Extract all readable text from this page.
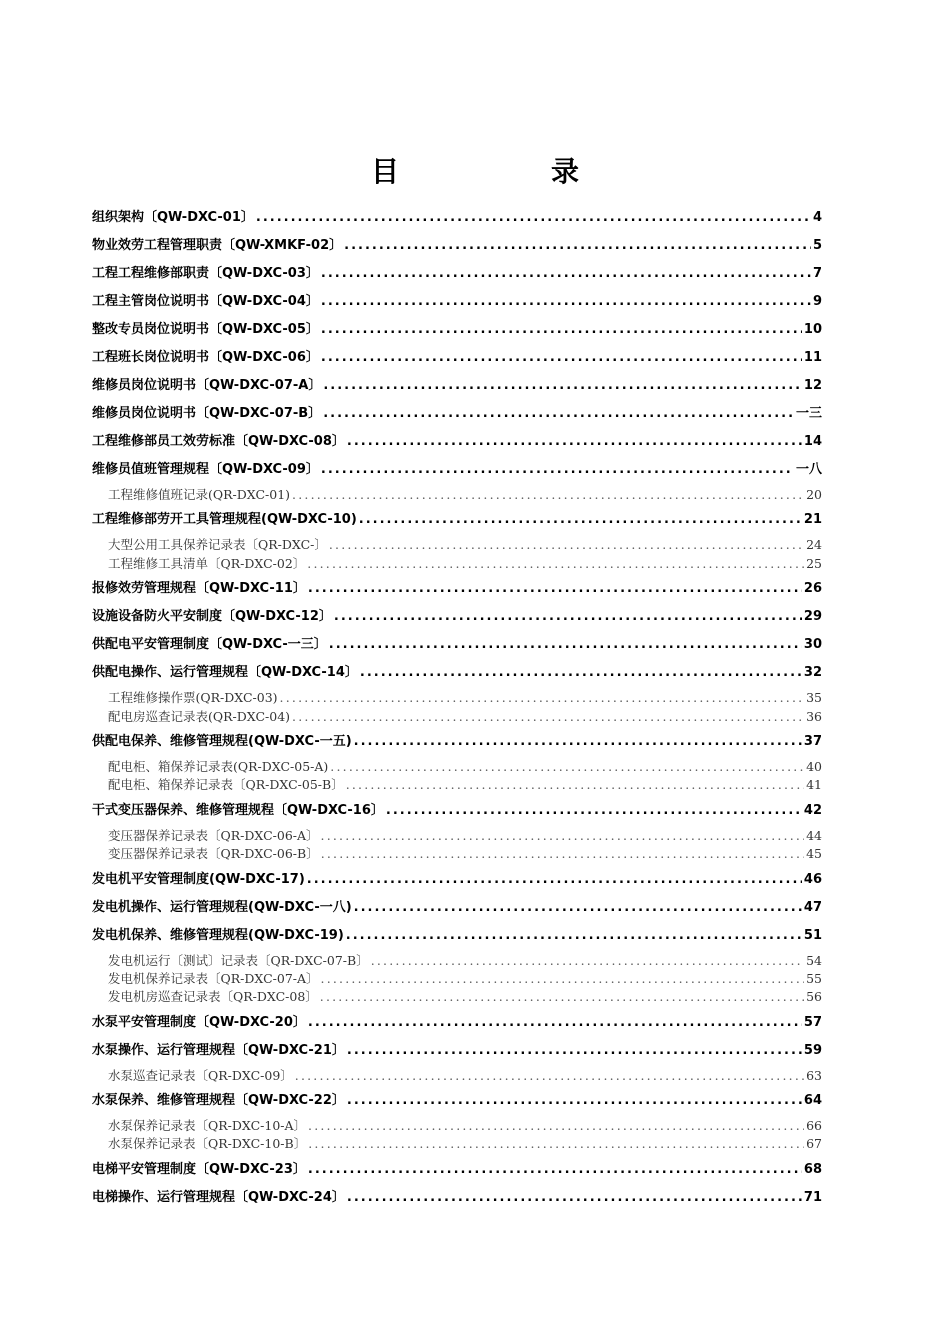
目　录
组织架构〔QW-DXC-01〕 .....	4
物业效劳工程管理职责〔QW-XMKF-02〕 .....	5
工程工程维修部职责〔QW-DXC-03〕 .....	7
工程主管岗位说明书〔QW-DXC-04〕 .....	9
整改专员岗位说明书〔QW-DXC-05〕 .....	10
工程班长岗位说明书〔QW-DXC-06〕 .....	11
维修员岗位说明书〔QW-DXC-07-A〕 .....	12
维修员岗位说明书〔QW-DXC-07-B〕 .....	一三
工程维修部员工效劳标准〔QW-DXC-08〕 .....	14
维修员值班管理规程〔QW-DXC-09〕 .....	一八
工程维修值班记录(QR-DXC-01) .....	20
工程维修部劳开工具管理规程(QW-DXC-10) .....	21
大型公用工具保养记录表〔QR-DXC-〕 .....	24
工程维修工具清单〔QR-DXC-02〕 .....	25
报修效劳管理规程〔QW-DXC-11〕 .....	26
设施设备防火平安制度〔QW-DXC-12〕 .....	29
供配电平安管理制度〔QW-DXC-一三〕 .....	30
供配电操作、运行管理规程〔QW-DXC-14〕 .....	32
工程维修操作票(QR-DXC-03) .....	35
配电房巡查记录表(QR-DXC-04) .....	36
供配电保养、维修管理规程(QW-DXC-一五) .....	37
配电柜、箱保养记录表(QR-DXC-05-A) .....	40
配电柜、箱保养记录表〔QR-DXC-05-B〕 .....	41
干式变压器保养、维修管理规程〔QW-DXC-16〕 .....	42
变压器保养记录表〔QR-DXC-06-A〕 .....	44
变压器保养记录表〔QR-DXC-06-B〕 .....	45
发电机平安管理制度(QW-DXC-17) .....	46
发电机操作、运行管理规程(QW-DXC-一八) .....	47
发电机保养、维修管理规程(QW-DXC-19) .....	51
发电机运行〔测试〕记录表〔QR-DXC-07-B〕 .....	54
发电机保养记录表〔QR-DXC-07-A〕 .....	55
发电机房巡查记录表〔QR-DXC-08〕 .....	56
水泵平安管理制度〔QW-DXC-20〕 .....	57
水泵操作、运行管理规程〔QW-DXC-21〕 .....	59
水泵巡查记录表〔QR-DXC-09〕 .....	63
水泵保养、维修管理规程〔QW-DXC-22〕 .....	64
水泵保养记录表〔QR-DXC-10-A〕 .....	66
水泵保养记录表〔QR-DXC-10-B〕 .....	67
电梯平安管理制度〔QW-DXC-23〕 .....	68
电梯操作、运行管理规程〔QW-DXC-24〕 .....	71
